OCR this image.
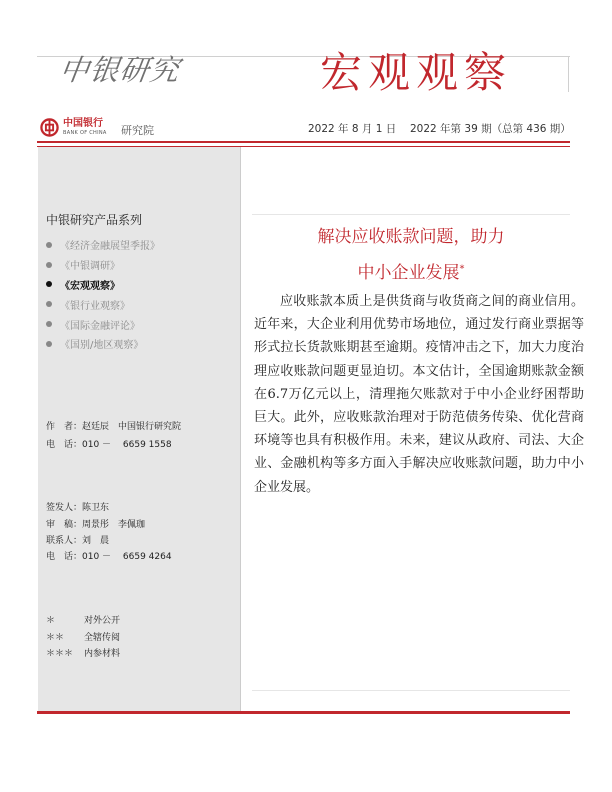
中银研究	宏观观察
中国银行
BANK OF CHINA 研究院	2022 年 8 月 1 日 2022 年第 39 期（总第 436 期）
中银研究产品系列
《经济金融展望季报》
《中银调研》
《宏观观察》
《银行业观察》
《国际金融评论》
《国别/地区观察》
作　者：赵廷辰　中国银行研究院
电　话：010 －　 6659 1558
签发人：陈卫东
审　稿：周景彤　李佩珈
联系人：刘　晨
电　话：010 －　 6659 4264
＊	对外公开
＊＊ 全辖传阅
＊＊＊ 内参材料
解决应收账款问题，助力
中小企业发展*

应收账款本质上是供货商与收货商之间的商业信用。近年来，大企业利用优势市场地位，通过发行商业票据等形式拉长货款账期甚至逾期。疫情冲击之下，加大力度治理应收账款问题更显迫切。本文估计，全国逾期账款金额在6.7万亿元以上，清理拖欠账款对于中小企业纾困帮助巨大。此外，应收账款治理对于防范债务传染、优化营商环境等也具有积极作用。未来，建议从政府、司法、大企业、金融机构等多方面入手解决应收账款问题，助力中小企业发展。
